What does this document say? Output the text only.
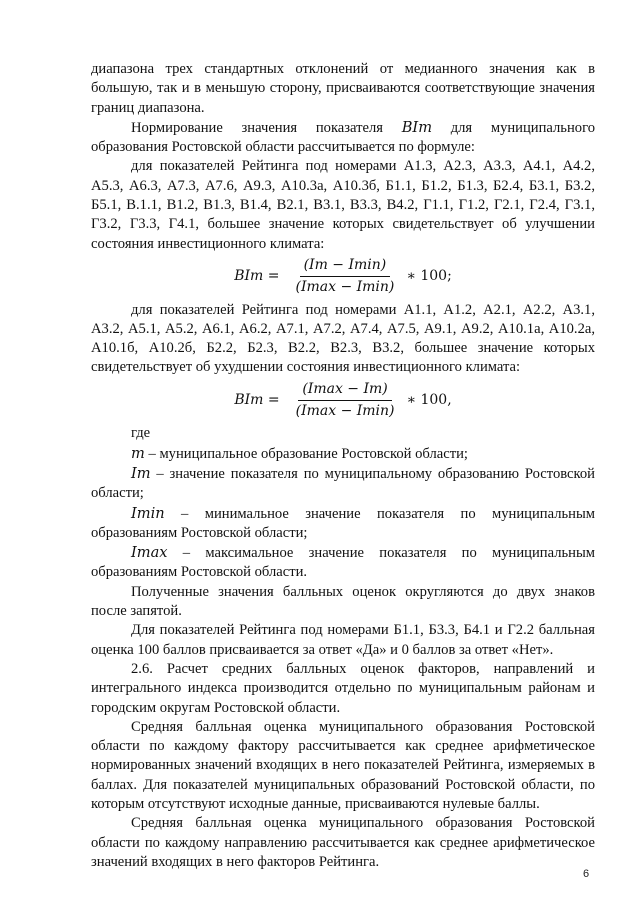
диапазона трех стандартных отклонений от медианного значения как в большую, так и в меньшую сторону, присваиваются соответствующие значения границ диапазона.

Нормирование значения показателя BIm для муниципального образования Ростовской области рассчитывается по формуле:

для показателей Рейтинга под номерами А1.3, А2.3, А3.3, А4.1, А4.2, А5.3, А6.3, А7.3, А7.6, А9.3, А10.3а, А10.3б, Б1.1, Б1.2, Б1.3, Б2.4, Б3.1, Б3.2, Б5.1, В.1.1, В1.2, В1.3, В1.4, В2.1, В3.1, В3.3, В4.2, Г1.1, Г1.2, Г2.1, Г2.4, Г3.1, Г3.2, Г3.3, Г4.1, большее значение которых свидетельствует об улучшении состояния инвестиционного климата:

BIm = $\frac{(Im - Imin)}{(Imax - Imin)}$ ∗ 100;

для показателей Рейтинга под номерами А1.1, А1.2, А2.1, А2.2, А3.1, А3.2, А5.1, А5.2, А6.1, А6.2, А7.1, А7.2, А7.4, А7.5, А9.1, А9.2, А10.1а, А10.2а, А10.1б, А10.2б, Б2.2, Б2.3, В2.2, В2.3, В3.2, большее значение которых свидетельствует об ухудшении состояния инвестиционного климата:

BIm = $\frac{(Imax - Im)}{(Imax - Imin)}$ ∗ 100,

где

m – муниципальное образование Ростовской области;

Im – значение показателя по муниципальному образованию Ростовской области;

Imin – минимальное значение показателя по муниципальным образованиям Ростовской области;

Imax – максимальное значение показателя по муниципальным образованиям Ростовской области.

Полученные значения балльных оценок округляются до двух знаков после запятой.

Для показателей Рейтинга под номерами Б1.1, Б3.3, Б4.1 и Г2.2 балльная оценка 100 баллов присваивается за ответ «Да» и 0 баллов за ответ «Нет».

2.6. Расчет средних балльных оценок факторов, направлений и интегрального индекса производится отдельно по муниципальным районам и городским округам Ростовской области.

Средняя балльная оценка муниципального образования Ростовской области по каждому фактору рассчитывается как среднее арифметическое нормированных значений входящих в него показателей Рейтинга, измеряемых в баллах. Для показателей муниципальных образований Ростовской области, по которым отсутствуют исходные данные, присваиваются нулевые баллы.

Средняя балльная оценка муниципального образования Ростовской области по каждому направлению рассчитывается как среднее арифметическое значений входящих в него факторов Рейтинга.

6
